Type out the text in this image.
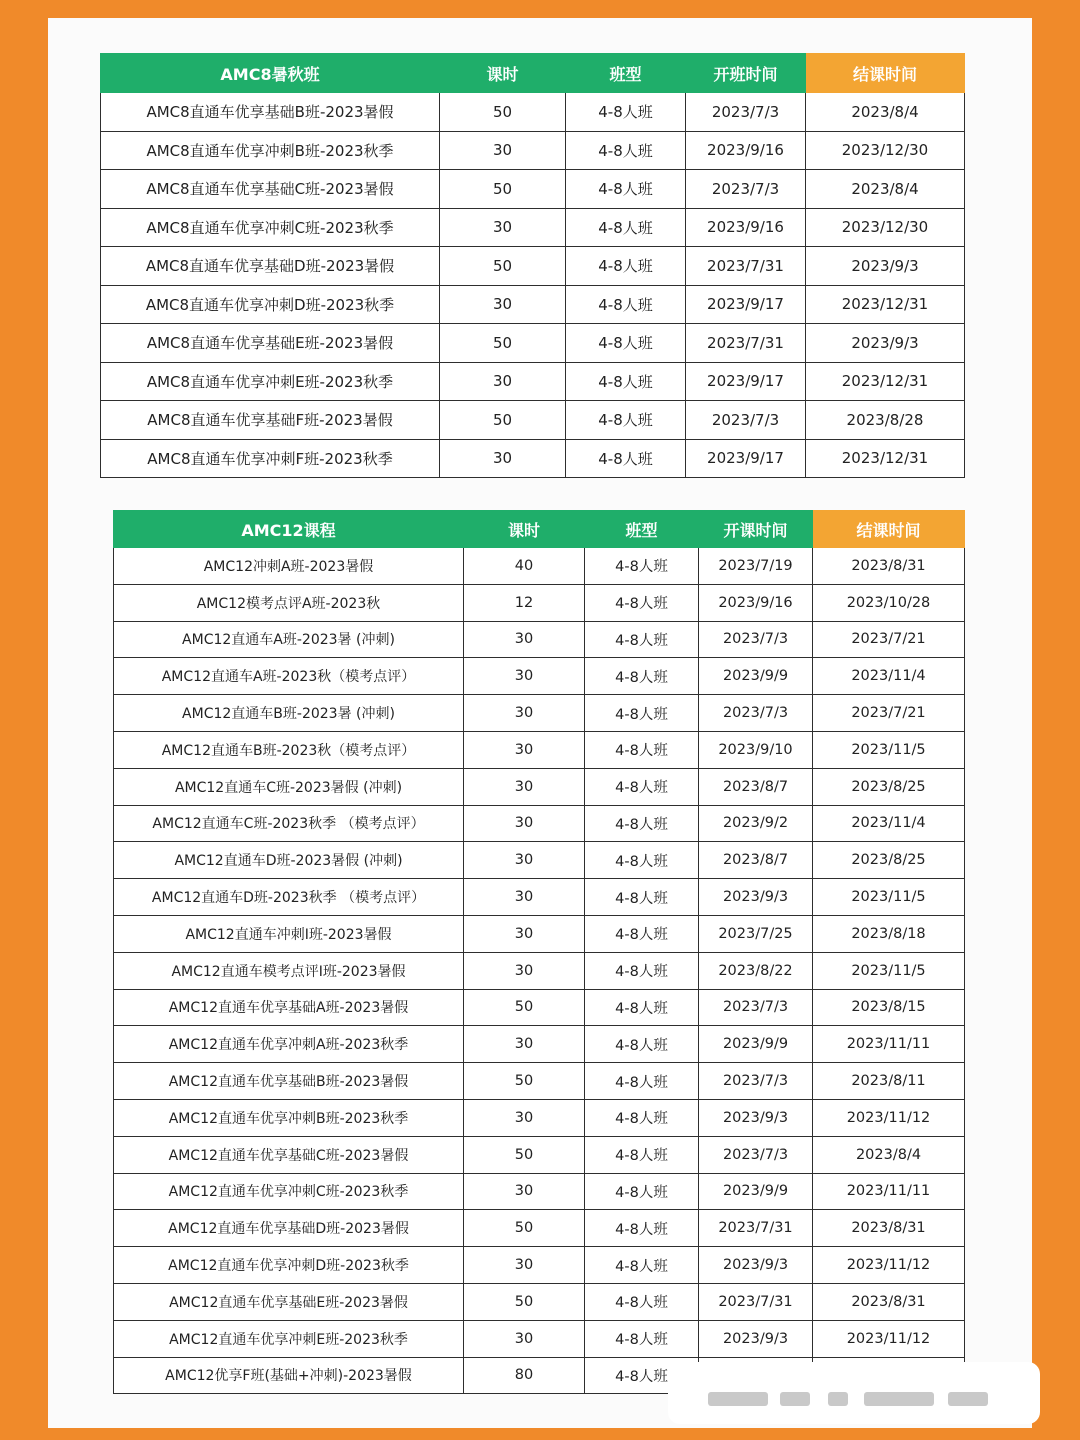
AMC8暑秋班	课时	班型	开班时间	结课时间
AMC8直通车优享基础B班-2023暑假	50	4-8人班	2023/7/3	2023/8/4
AMC8直通车优享冲刺B班-2023秋季	30	4-8人班	2023/9/16	2023/12/30
AMC8直通车优享基础C班-2023暑假	50	4-8人班	2023/7/3	2023/8/4
AMC8直通车优享冲刺C班-2023秋季	30	4-8人班	2023/9/16	2023/12/30
AMC8直通车优享基础D班-2023暑假	50	4-8人班	2023/7/31	2023/9/3
AMC8直通车优享冲刺D班-2023秋季	30	4-8人班	2023/9/17	2023/12/31
AMC8直通车优享基础E班-2023暑假	50	4-8人班	2023/7/31	2023/9/3
AMC8直通车优享冲刺E班-2023秋季	30	4-8人班	2023/9/17	2023/12/31
AMC8直通车优享基础F班-2023暑假	50	4-8人班	2023/7/3	2023/8/28
AMC8直通车优享冲刺F班-2023秋季	30	4-8人班	2023/9/17	2023/12/31
AMC12课程	课时	班型	开课时间	结课时间
AMC12冲刺A班-2023暑假	40	4-8人班	2023/7/19	2023/8/31
AMC12模考点评A班-2023秋	12	4-8人班	2023/9/16	2023/10/28
AMC12直通车A班-2023暑 (冲刺)	30	4-8人班	2023/7/3	2023/7/21
AMC12直通车A班-2023秋（模考点评）	30	4-8人班	2023/9/9	2023/11/4
AMC12直通车B班-2023暑 (冲刺)	30	4-8人班	2023/7/3	2023/7/21
AMC12直通车B班-2023秋（模考点评）	30	4-8人班	2023/9/10	2023/11/5
AMC12直通车C班-2023暑假 (冲刺)	30	4-8人班	2023/8/7	2023/8/25
AMC12直通车C班-2023秋季 （模考点评）	30	4-8人班	2023/9/2	2023/11/4
AMC12直通车D班-2023暑假 (冲刺)	30	4-8人班	2023/8/7	2023/8/25
AMC12直通车D班-2023秋季 （模考点评）	30	4-8人班	2023/9/3	2023/11/5
AMC12直通车冲刺I班-2023暑假	30	4-8人班	2023/7/25	2023/8/18
AMC12直通车模考点评I班-2023暑假	30	4-8人班	2023/8/22	2023/11/5
AMC12直通车优享基础A班-2023暑假	50	4-8人班	2023/7/3	2023/8/15
AMC12直通车优享冲刺A班-2023秋季	30	4-8人班	2023/9/9	2023/11/11
AMC12直通车优享基础B班-2023暑假	50	4-8人班	2023/7/3	2023/8/11
AMC12直通车优享冲刺B班-2023秋季	30	4-8人班	2023/9/3	2023/11/12
AMC12直通车优享基础C班-2023暑假	50	4-8人班	2023/7/3	2023/8/4
AMC12直通车优享冲刺C班-2023秋季	30	4-8人班	2023/9/9	2023/11/11
AMC12直通车优享基础D班-2023暑假	50	4-8人班	2023/7/31	2023/8/31
AMC12直通车优享冲刺D班-2023秋季	30	4-8人班	2023/9/3	2023/11/12
AMC12直通车优享基础E班-2023暑假	50	4-8人班	2023/7/31	2023/8/31
AMC12直通车优享冲刺E班-2023秋季	30	4-8人班	2023/9/3	2023/11/12
AMC12优享F班(基础+冲刺)-2023暑假	80	4-8人班		
